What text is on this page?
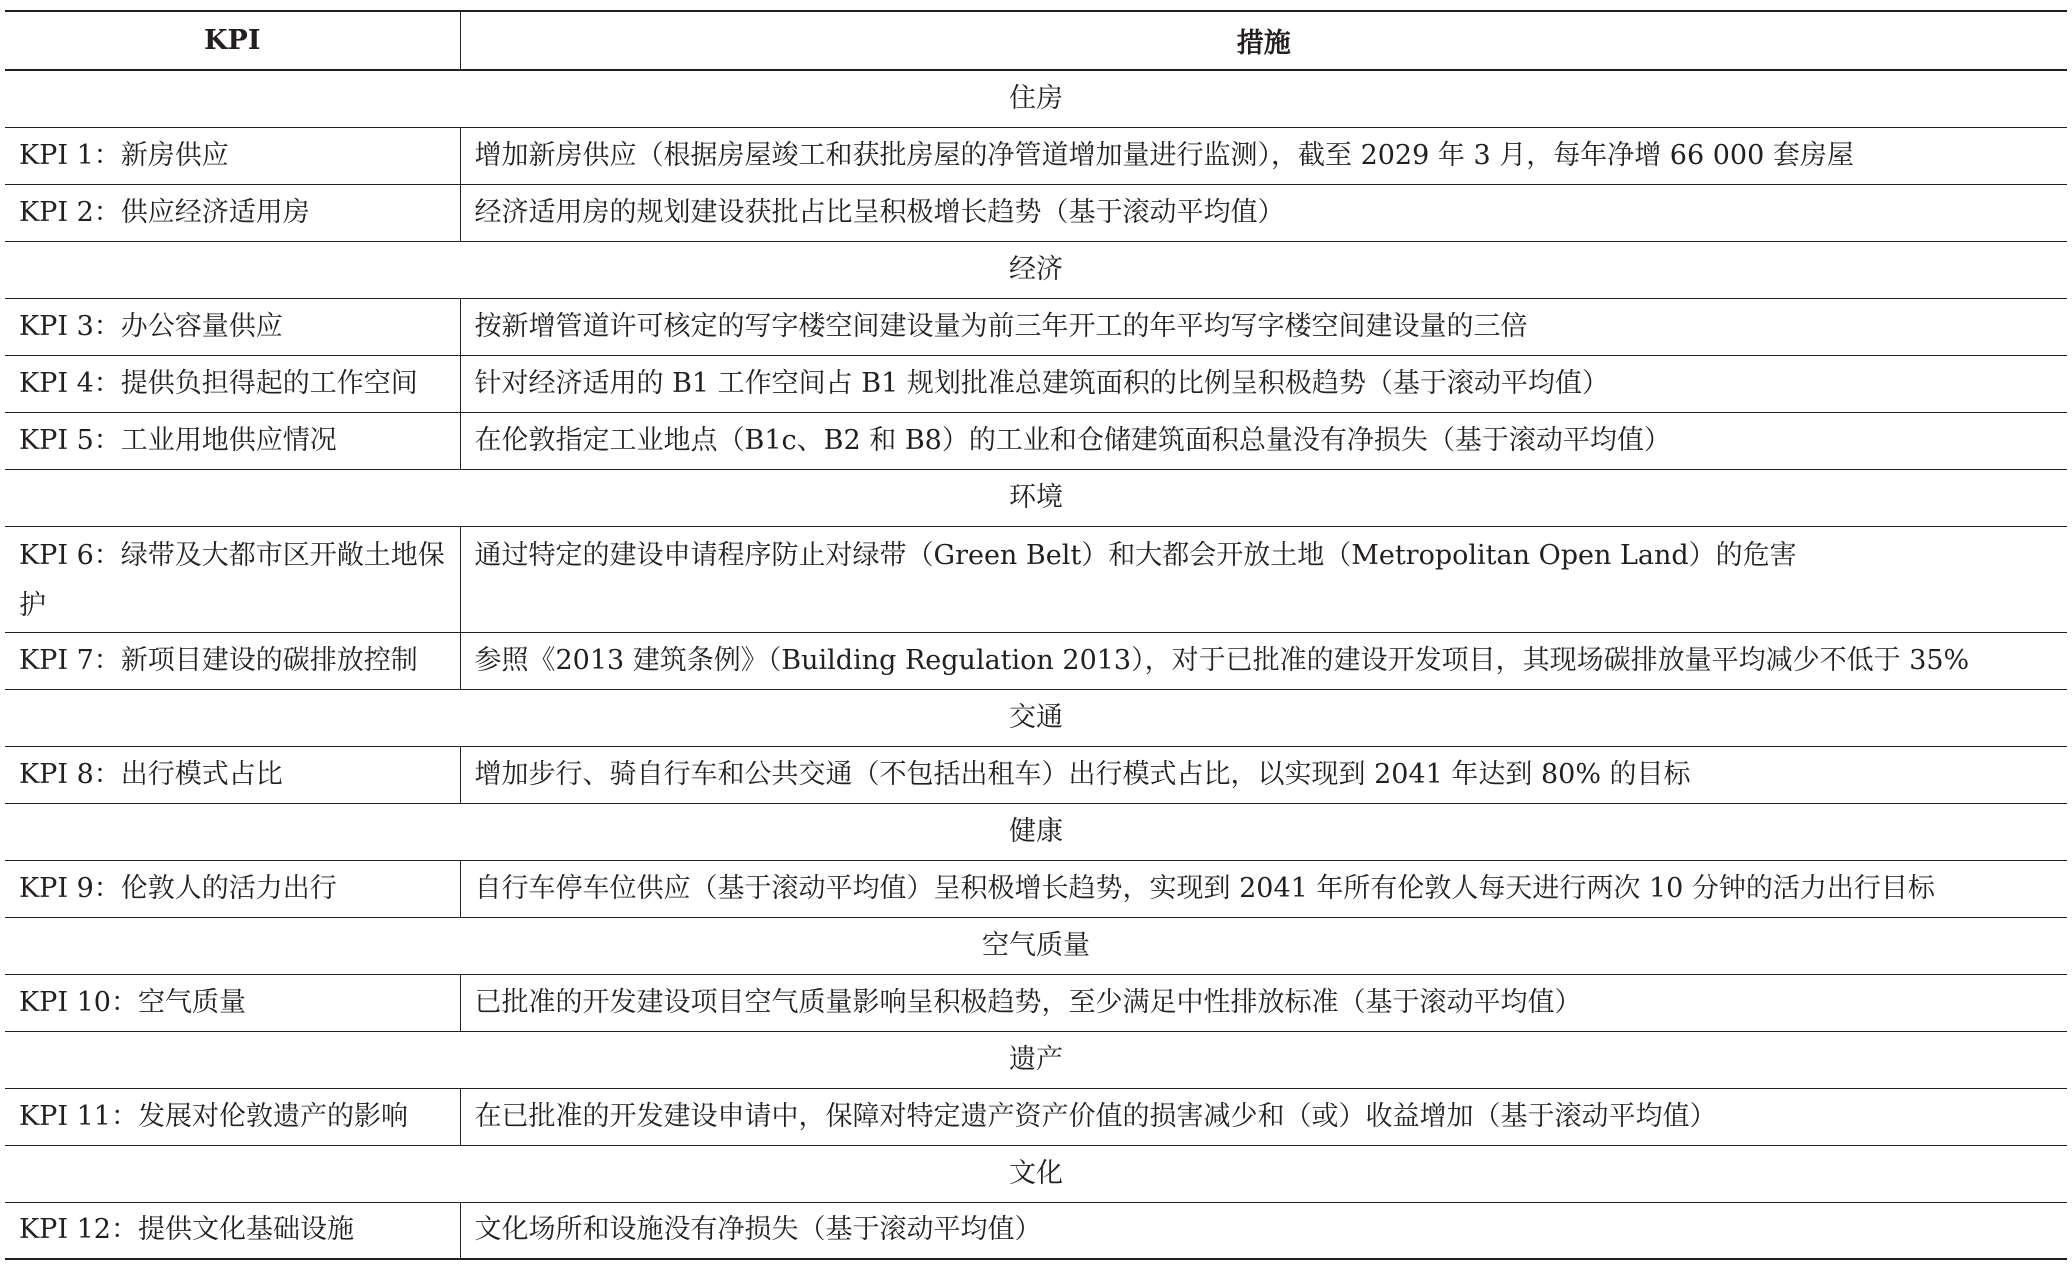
KPI	措施
住房	
KPI 1：新房供应	增加新房供应（根据房屋竣工和获批房屋的净管道增加量进行监测），截至 2029 年 3 月，每年净增 66 000 套房屋
KPI 2：供应经济适用房	经济适用房的规划建设获批占比呈积极增长趋势（基于滚动平均值）
经济	
KPI 3：办公容量供应	按新增管道许可核定的写字楼空间建设量为前三年开工的年平均写字楼空间建设量的三倍
KPI 4：提供负担得起的工作空间	针对经济适用的 B1 工作空间占 B1 规划批准总建筑面积的比例呈积极趋势（基于滚动平均值）
KPI 5：工业用地供应情况	在伦敦指定工业地点（B1c、B2 和 B8）的工业和仓储建筑面积总量没有净损失（基于滚动平均值）
环境	
KPI 6：绿带及大都市区开敞土地保护	通过特定的建设申请程序防止对绿带（Green Belt）和大都会开放土地（Metropolitan Open Land）的危害
KPI 7：新项目建设的碳排放控制	参照《2013 建筑条例》（Building Regulation 2013），对于已批准的建设开发项目，其现场碳排放量平均减少不低于 35%
交通	
KPI 8：出行模式占比	增加步行、骑自行车和公共交通（不包括出租车）出行模式占比，以实现到 2041 年达到 80% 的目标
健康	
KPI 9：伦敦人的活力出行	自行车停车位供应（基于滚动平均值）呈积极增长趋势，实现到 2041 年所有伦敦人每天进行两次 10 分钟的活力出行目标
空气质量	
KPI 10：空气质量	已批准的开发建设项目空气质量影响呈积极趋势，至少满足中性排放标准（基于滚动平均值）
遗产	
KPI 11：发展对伦敦遗产的影响	在已批准的开发建设申请中，保障对特定遗产资产价值的损害减少和（或）收益增加（基于滚动平均值）
文化	
KPI 12：提供文化基础设施	文化场所和设施没有净损失（基于滚动平均值）
